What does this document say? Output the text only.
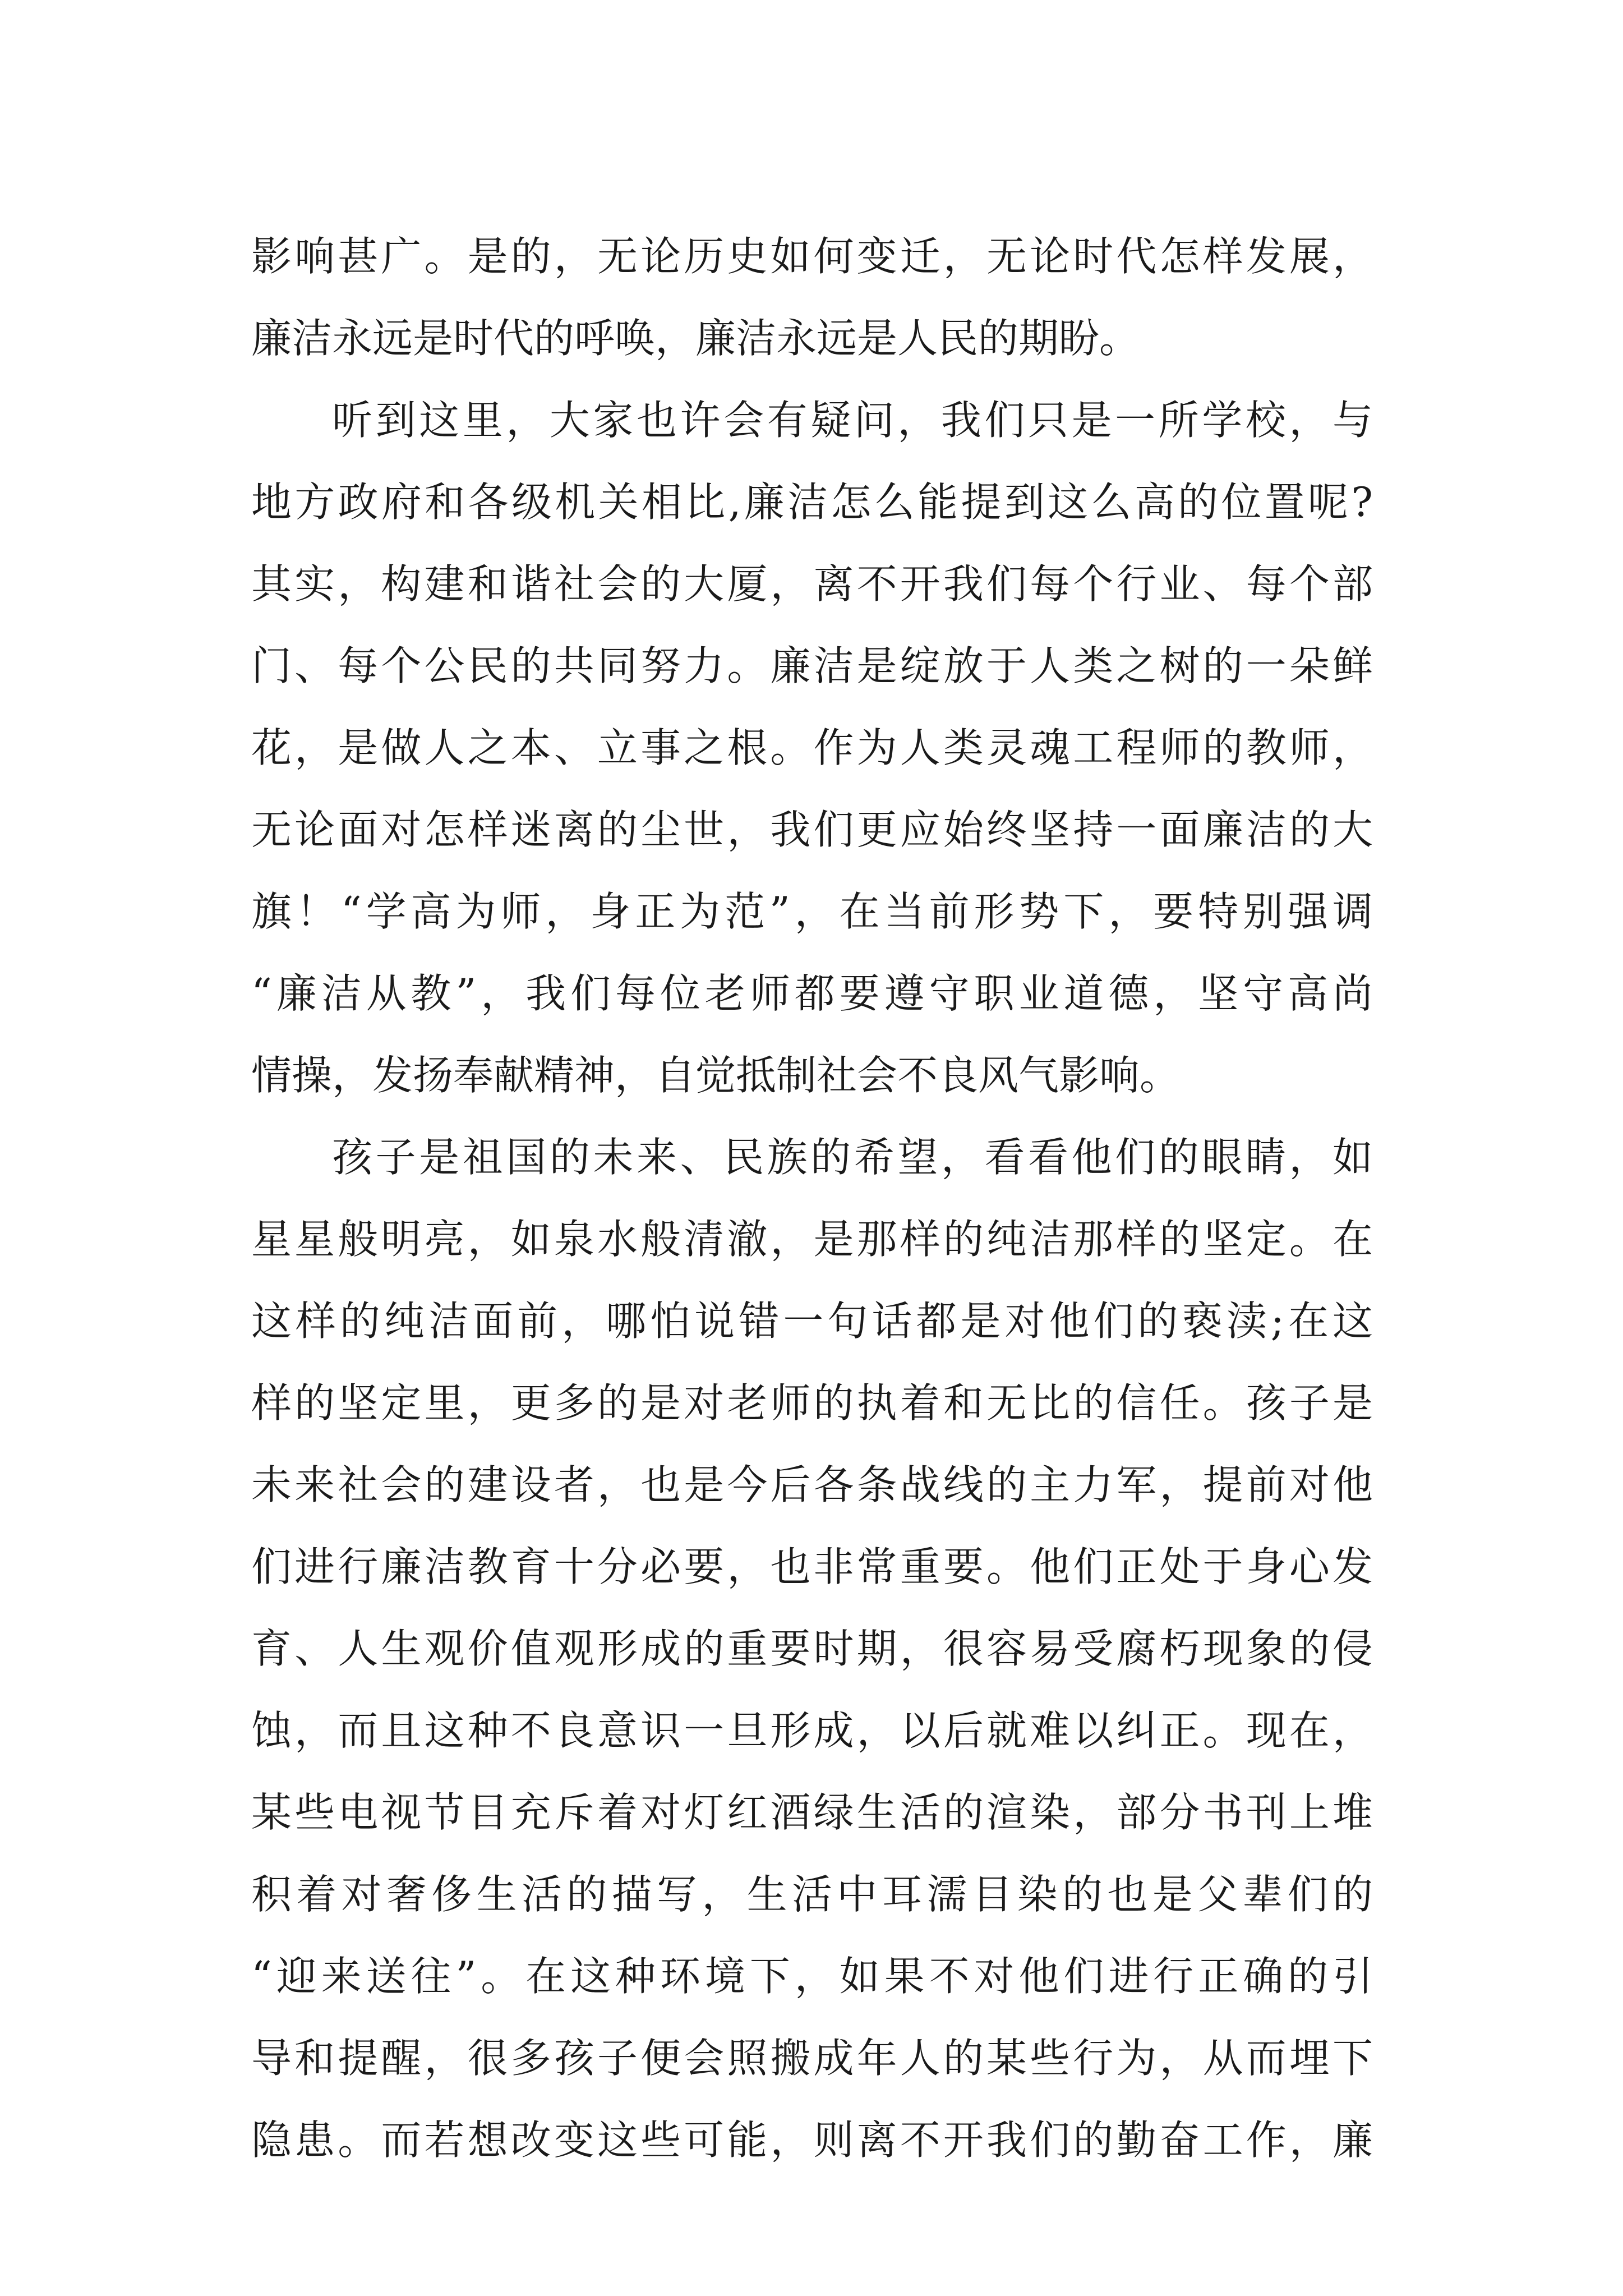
影响甚广。是的，无论历史如何变迁，无论时代怎样发展，
廉洁永远是时代的呼唤，廉洁永远是人民的期盼。
听到这里，大家也许会有疑问，我们只是一所学校，与
地方政府和各级机关相比,廉洁怎么能提到这么高的位置呢?
其实，构建和谐社会的大厦，离不开我们每个行业、每个部
门、每个公民的共同努力。廉洁是绽放于人类之树的一朵鲜
花，是做人之本、立事之根。作为人类灵魂工程师的教师，
无论面对怎样迷离的尘世，我们更应始终坚持一面廉洁的大
旗！“学高为师，身正为范”，在当前形势下，要特别强调
“廉洁从教”，我们每位老师都要遵守职业道德，坚守高尚
情操，发扬奉献精神，自觉抵制社会不良风气影响。
孩子是祖国的未来、民族的希望，看看他们的眼睛，如
星星般明亮，如泉水般清澈，是那样的纯洁那样的坚定。在
这样的纯洁面前，哪怕说错一句话都是对他们的亵渎;在这
样的坚定里，更多的是对老师的执着和无比的信任。孩子是
未来社会的建设者，也是今后各条战线的主力军，提前对他
们进行廉洁教育十分必要，也非常重要。他们正处于身心发
育、人生观价值观形成的重要时期，很容易受腐朽现象的侵
蚀，而且这种不良意识一旦形成，以后就难以纠正。现在，
某些电视节目充斥着对灯红酒绿生活的渲染，部分书刊上堆
积着对奢侈生活的描写，生活中耳濡目染的也是父辈们的
“迎来送往”。在这种环境下，如果不对他们进行正确的引
导和提醒，很多孩子便会照搬成年人的某些行为，从而埋下
隐患。而若想改变这些可能，则离不开我们的勤奋工作，廉
